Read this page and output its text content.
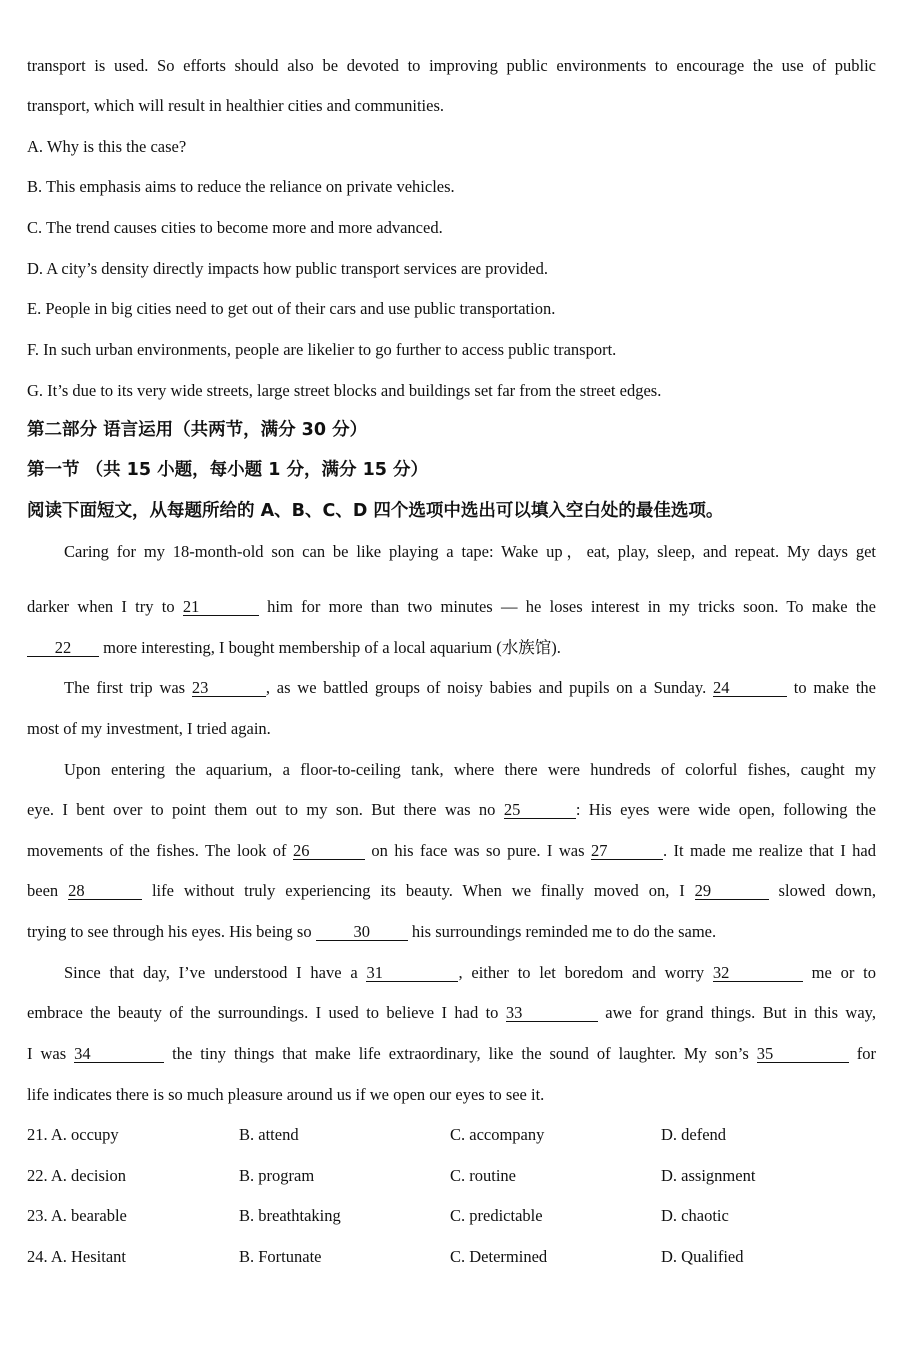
transport is used. So efforts should also be devoted to improving public environments to encourage the use of public
transport, which will result in healthier cities and communities.
A. Why is this the case?
B. This emphasis aims to reduce the reliance on private vehicles.
C. The trend causes cities to become more and more advanced.
D. A city’s density directly impacts how public transport services are provided.
E. People in big cities need to get out of their cars and use public transportation.
F. In such urban environments, people are likelier to go further to access public transport.
G. It’s due to its very wide streets, large street blocks and buildings set far from the street edges.
第二部分 语言运用（共两节，满分 30 分）
第一节 （共 15 小题，每小题 1 分，满分 15 分）
阅读下面短文，从每题所给的 A、B、C、D 四个选项中选出可以填入空白处的最佳选项。
Caring for my 18-month-old son can be like playing a tape: Wake up，eat, play, sleep, and repeat. My days get
darker when I try to 21	him for more than two minutes — he loses interest in my tricks soon. To make the
22 more interesting, I bought membership of a local aquarium (水族馆).
The first trip was 23	, as we battled groups of noisy babies and pupils on a Sunday. 24	to make the
most of my investment, I tried again.
Upon entering the aquarium, a floor-to-ceiling tank, where there were hundreds of colorful fishes, caught my
eye. I bent over to point them out to my son. But there was no 25	: His eyes were wide open, following the
movements of the fishes. The look of 26	on his face was so pure. I was 27	. It made me realize that I had
been 28	life without truly experiencing its beauty. When we finally moved on, I 29	slowed down,
trying to see through his eyes. His being so 30 his surroundings reminded me to do the same.
Since that day, I’ve understood I have a 31	, either to let boredom and worry 32	me or to
embrace the beauty of the surroundings. I used to believe I had to 33	awe for grand things. But in this way,
I was 34	the tiny things that make life extraordinary, like the sound of laughter. My son’s 35	for
life indicates there is so much pleasure around us if we open our eyes to see it.
21. A. occupy	B. attend	C. accompany	D. defend
22. A. decision	B. program	C. routine	D. assignment
23. A. bearable	B. breathtaking	C. predictable	D. chaotic
24. A. Hesitant	B. Fortunate	C. Determined	D. Qualified
